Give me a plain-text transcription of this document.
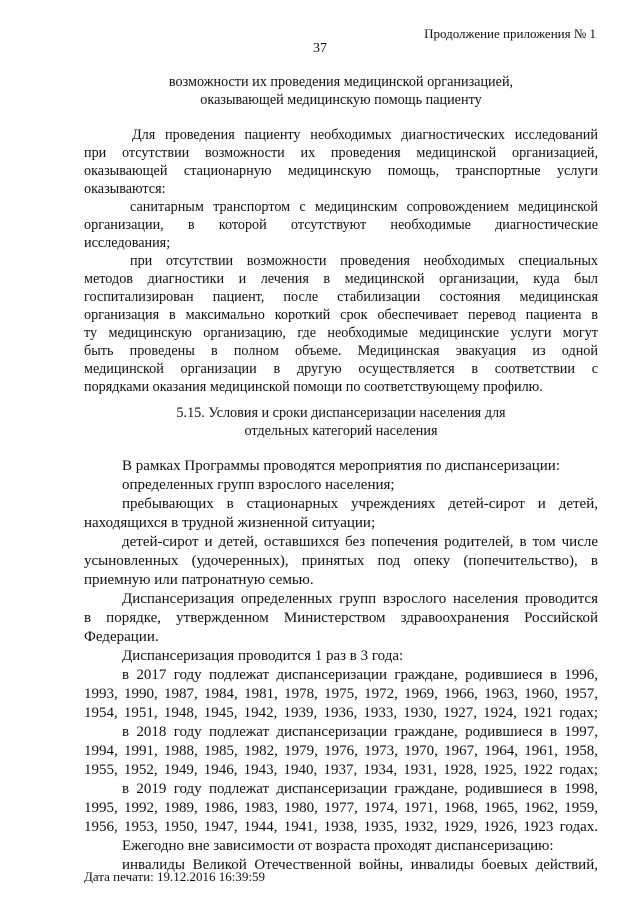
Продолжение приложения № 1
37
возможности их проведения медицинской организацией,
оказывающей медицинскую помощь пациенту
Для проведения пациенту необходимых диагностических исследований
при отсутствии возможности их проведения медицинской организацией,
оказывающей стационарную медицинскую помощь, транспортные услуги
оказываются:
санитарным транспортом с медицинским сопровождением медицинской
организации, в которой отсутствуют необходимые диагностические
исследования;
при отсутствии возможности проведения необходимых специальных
методов диагностики и лечения в медицинской организации, куда был
госпитализирован пациент, после стабилизации состояния медицинская
организация в максимально короткий срок обеспечивает перевод пациента в
ту медицинскую организацию, где необходимые медицинские услуги могут
быть проведены в полном объеме. Медицинская эвакуация из одной
медицинской организации в другую осуществляется в соответствии с
порядками оказания медицинской помощи по соответствующему профилю.
5.15. Условия и сроки диспансеризации населения для
отдельных категорий населения
В рамках Программы проводятся мероприятия по диспансеризации:
определенных групп взрослого населения;
пребывающих в стационарных учреждениях детей-сирот и детей,
находящихся в трудной жизненной ситуации;
детей-сирот и детей, оставшихся без попечения родителей, в том числе
усыновленных (удочеренных), принятых под опеку (попечительство), в
приемную или патронатную семью.
Диспансеризация определенных групп взрослого населения проводится
в порядке, утвержденном Министерством здравоохранения Российской
Федерации.
Диспансеризация проводится 1 раз в 3 года:
в 2017 году подлежат диспансеризации граждане, родившиеся в 1996,
1993, 1990, 1987, 1984, 1981, 1978, 1975, 1972, 1969, 1966, 1963, 1960, 1957,
1954, 1951, 1948, 1945, 1942, 1939, 1936, 1933, 1930, 1927, 1924, 1921 годах;
в 2018 году подлежат диспансеризации граждане, родившиеся в 1997,
1994, 1991, 1988, 1985, 1982, 1979, 1976, 1973, 1970, 1967, 1964, 1961, 1958,
1955, 1952, 1949, 1946, 1943, 1940, 1937, 1934, 1931, 1928, 1925, 1922 годах;
в 2019 году подлежат диспансеризации граждане, родившиеся в 1998,
1995, 1992, 1989, 1986, 1983, 1980, 1977, 1974, 1971, 1968, 1965, 1962, 1959,
1956, 1953, 1950, 1947, 1944, 1941, 1938, 1935, 1932, 1929, 1926, 1923 годах.
Ежегодно вне зависимости от возраста проходят диспансеризацию:
инвалиды Великой Отечественной войны, инвалиды боевых действий,
Дата печати: 19.12.2016 16:39:59
